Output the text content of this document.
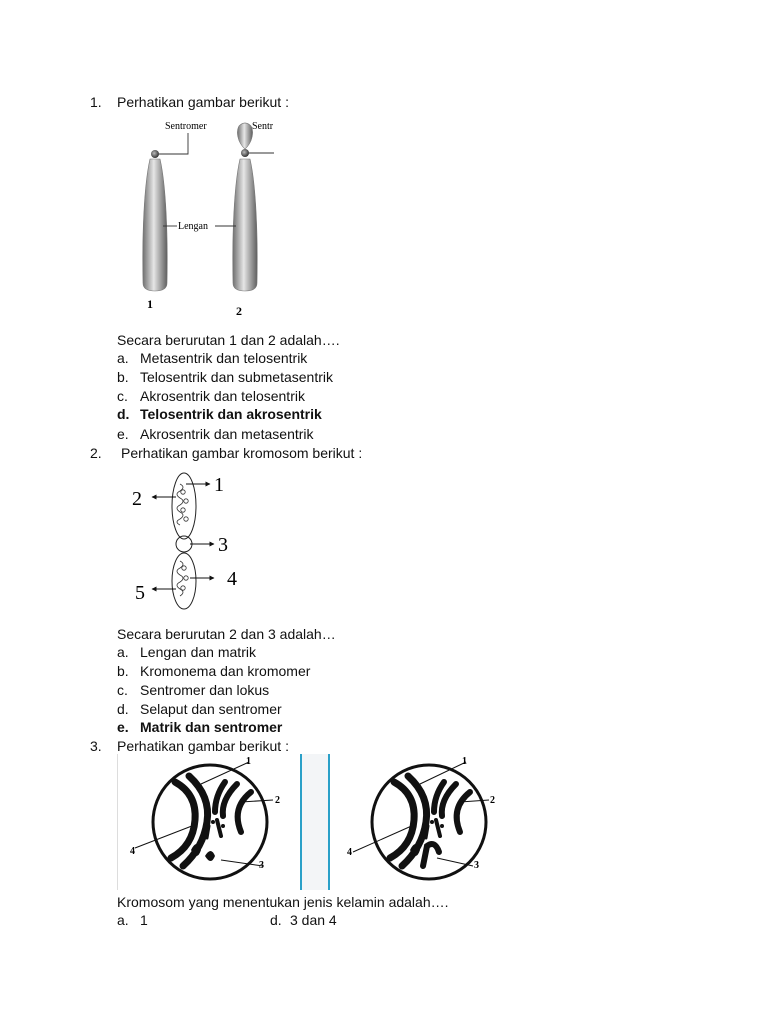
1.	Perhatikan gambar berikut :
Sentromer	Sentr
Lengan
1	2
Secara berurutan 1 dan 2 adalah….
a. Metasentrik dan telosentrik
b. Telosentrik dan submetasentrik
c. Akrosentrik dan telosentrik
d. Telosentrik dan akrosentrik
e. Akrosentrik dan metasentrik
2.	Perhatikan gambar kromosom berikut :
1
2
3
4
5
Secara berurutan 2 dan 3 adalah…
a. Lengan dan matrik
b. Kromonema dan kromomer
c. Sentromer dan lokus
d. Selaput dan sentromer
e. Matrik dan sentromer
3.	Perhatikan gambar berikut :
1
2
4
3
1
2
4
3
Kromosom yang menentukan jenis kelamin adalah….
a. 1	d. 3 dan 4
